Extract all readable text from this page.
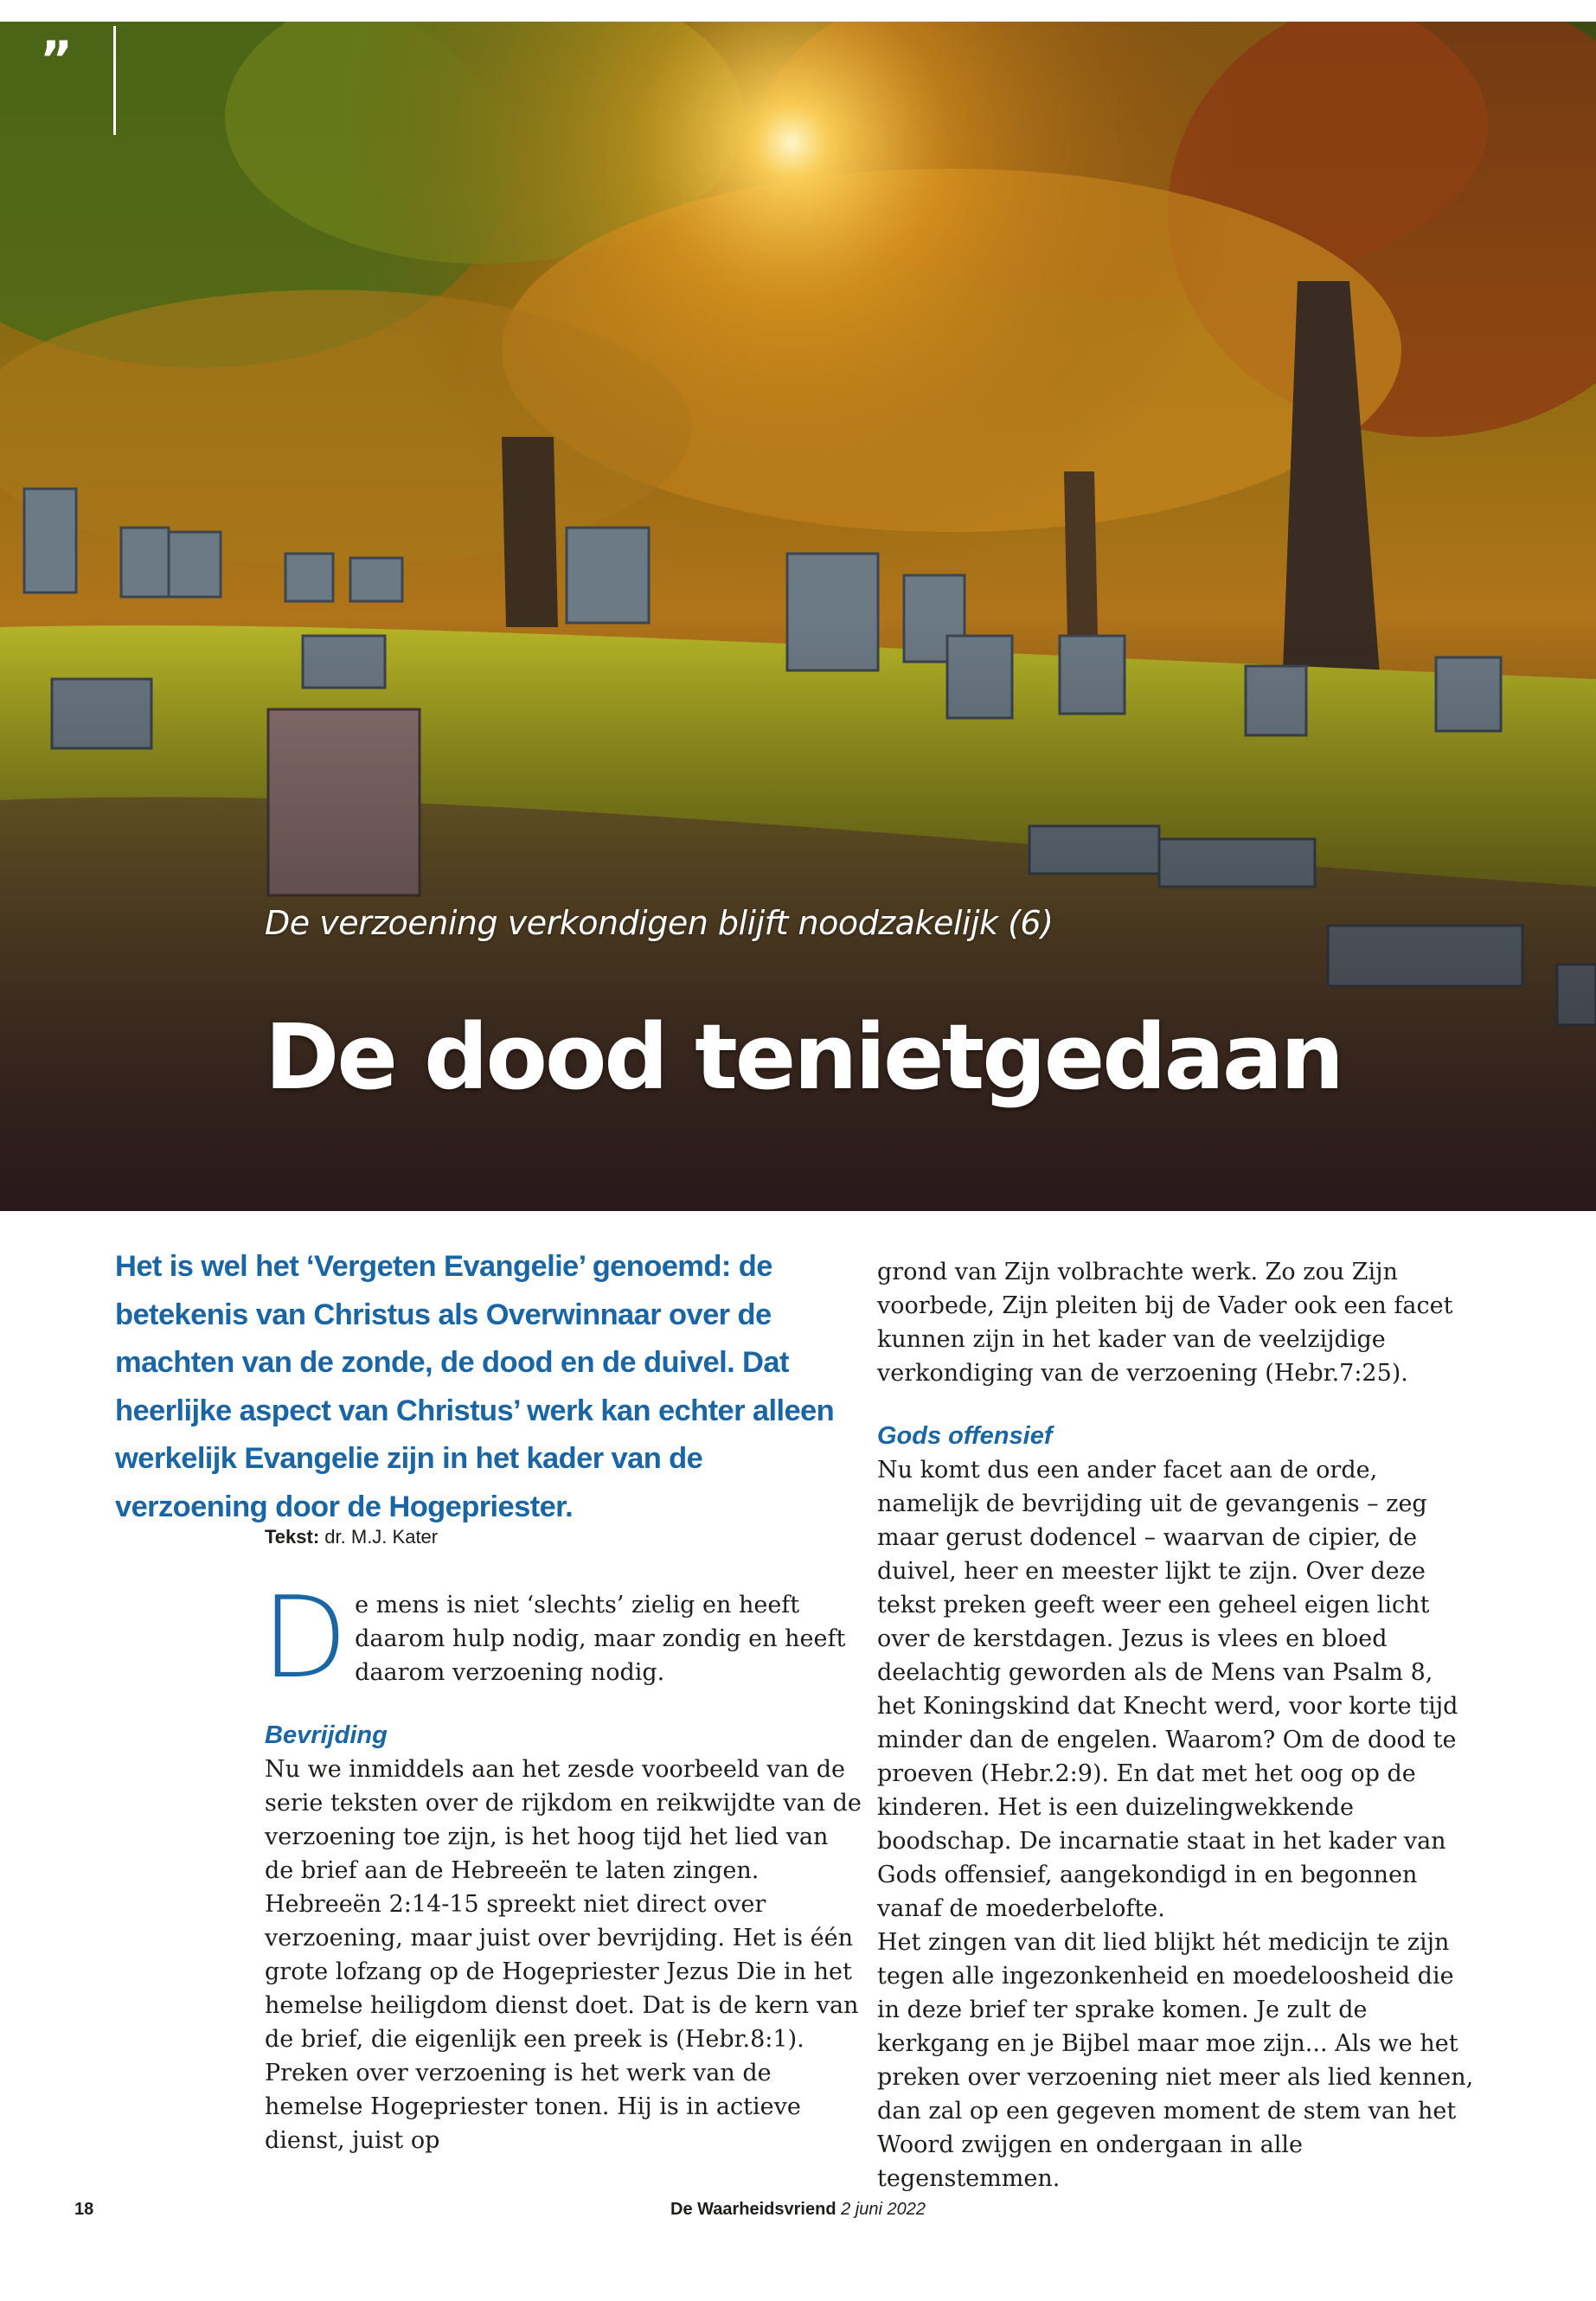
”
De verzoening verkondigen blijft noodzakelijk (6)
De dood tenietgedaan
Het is wel het ‘Vergeten Evangelie’ genoemd: de betekenis van Christus als Overwinnaar over de machten van de zonde, de dood en de duivel. Dat heerlijke aspect van Christus’ werk kan echter alleen werkelijk Evangelie zijn in het kader van de verzoening door de Hogepriester.
Tekst: dr. M.J. Kater

De mens is niet ‘slechts’ zielig en heeft daarom hulp nodig, maar zondig en heeft daarom verzoening nodig.

Bevrijding

Nu we inmiddels aan het zesde voorbeeld van de serie teksten over de rijkdom en reikwijdte van de verzoening toe zijn, is het hoog tijd het lied van de brief aan de Hebreeën te laten zingen. Hebreeën 2:14-15 spreekt niet direct over verzoening, maar juist over bevrijding. Het is één grote lofzang op de Hogepriester Jezus Die in het hemelse heiligdom dienst doet. Dat is de kern van de brief, die eigenlijk een preek is (Hebr.8:1).

Preken over verzoening is het werk van de hemelse Hogepriester tonen. Hij is in actieve dienst, juist op

grond van Zijn volbrachte werk. Zo zou Zijn voorbede, Zijn pleiten bij de Vader ook een facet kunnen zijn in het kader van de veelzijdige verkondiging van de verzoening (Hebr.7:25).

Gods offensief

Nu komt dus een ander facet aan de orde, namelijk de bevrijding uit de gevangenis – zeg maar gerust dodencel – waarvan de cipier, de duivel, heer en meester lijkt te zijn. Over deze tekst preken geeft weer een geheel eigen licht over de kerstdagen. Jezus is vlees en bloed deelachtig geworden als de Mens van Psalm 8, het Koningskind dat Knecht werd, voor korte tijd minder dan de engelen. Waarom? Om de dood te proeven (Hebr.2:9). En dat met het oog op de kinderen. Het is een duizelingwekkende boodschap. De incarnatie staat in het kader van Gods offensief, aangekondigd in en begonnen vanaf de moederbelofte.

Het zingen van dit lied blijkt hét medicijn te zijn tegen alle ingezonkenheid en moedeloosheid die in deze brief ter sprake komen. Je zult de kerkgang en je Bijbel maar moe zijn... Als we het preken over verzoening niet meer als lied kennen, dan zal op een gegeven moment de stem van het Woord zwijgen en ondergaan in alle tegenstemmen.

18	De Waarheidsvriend 2 juni 2022
